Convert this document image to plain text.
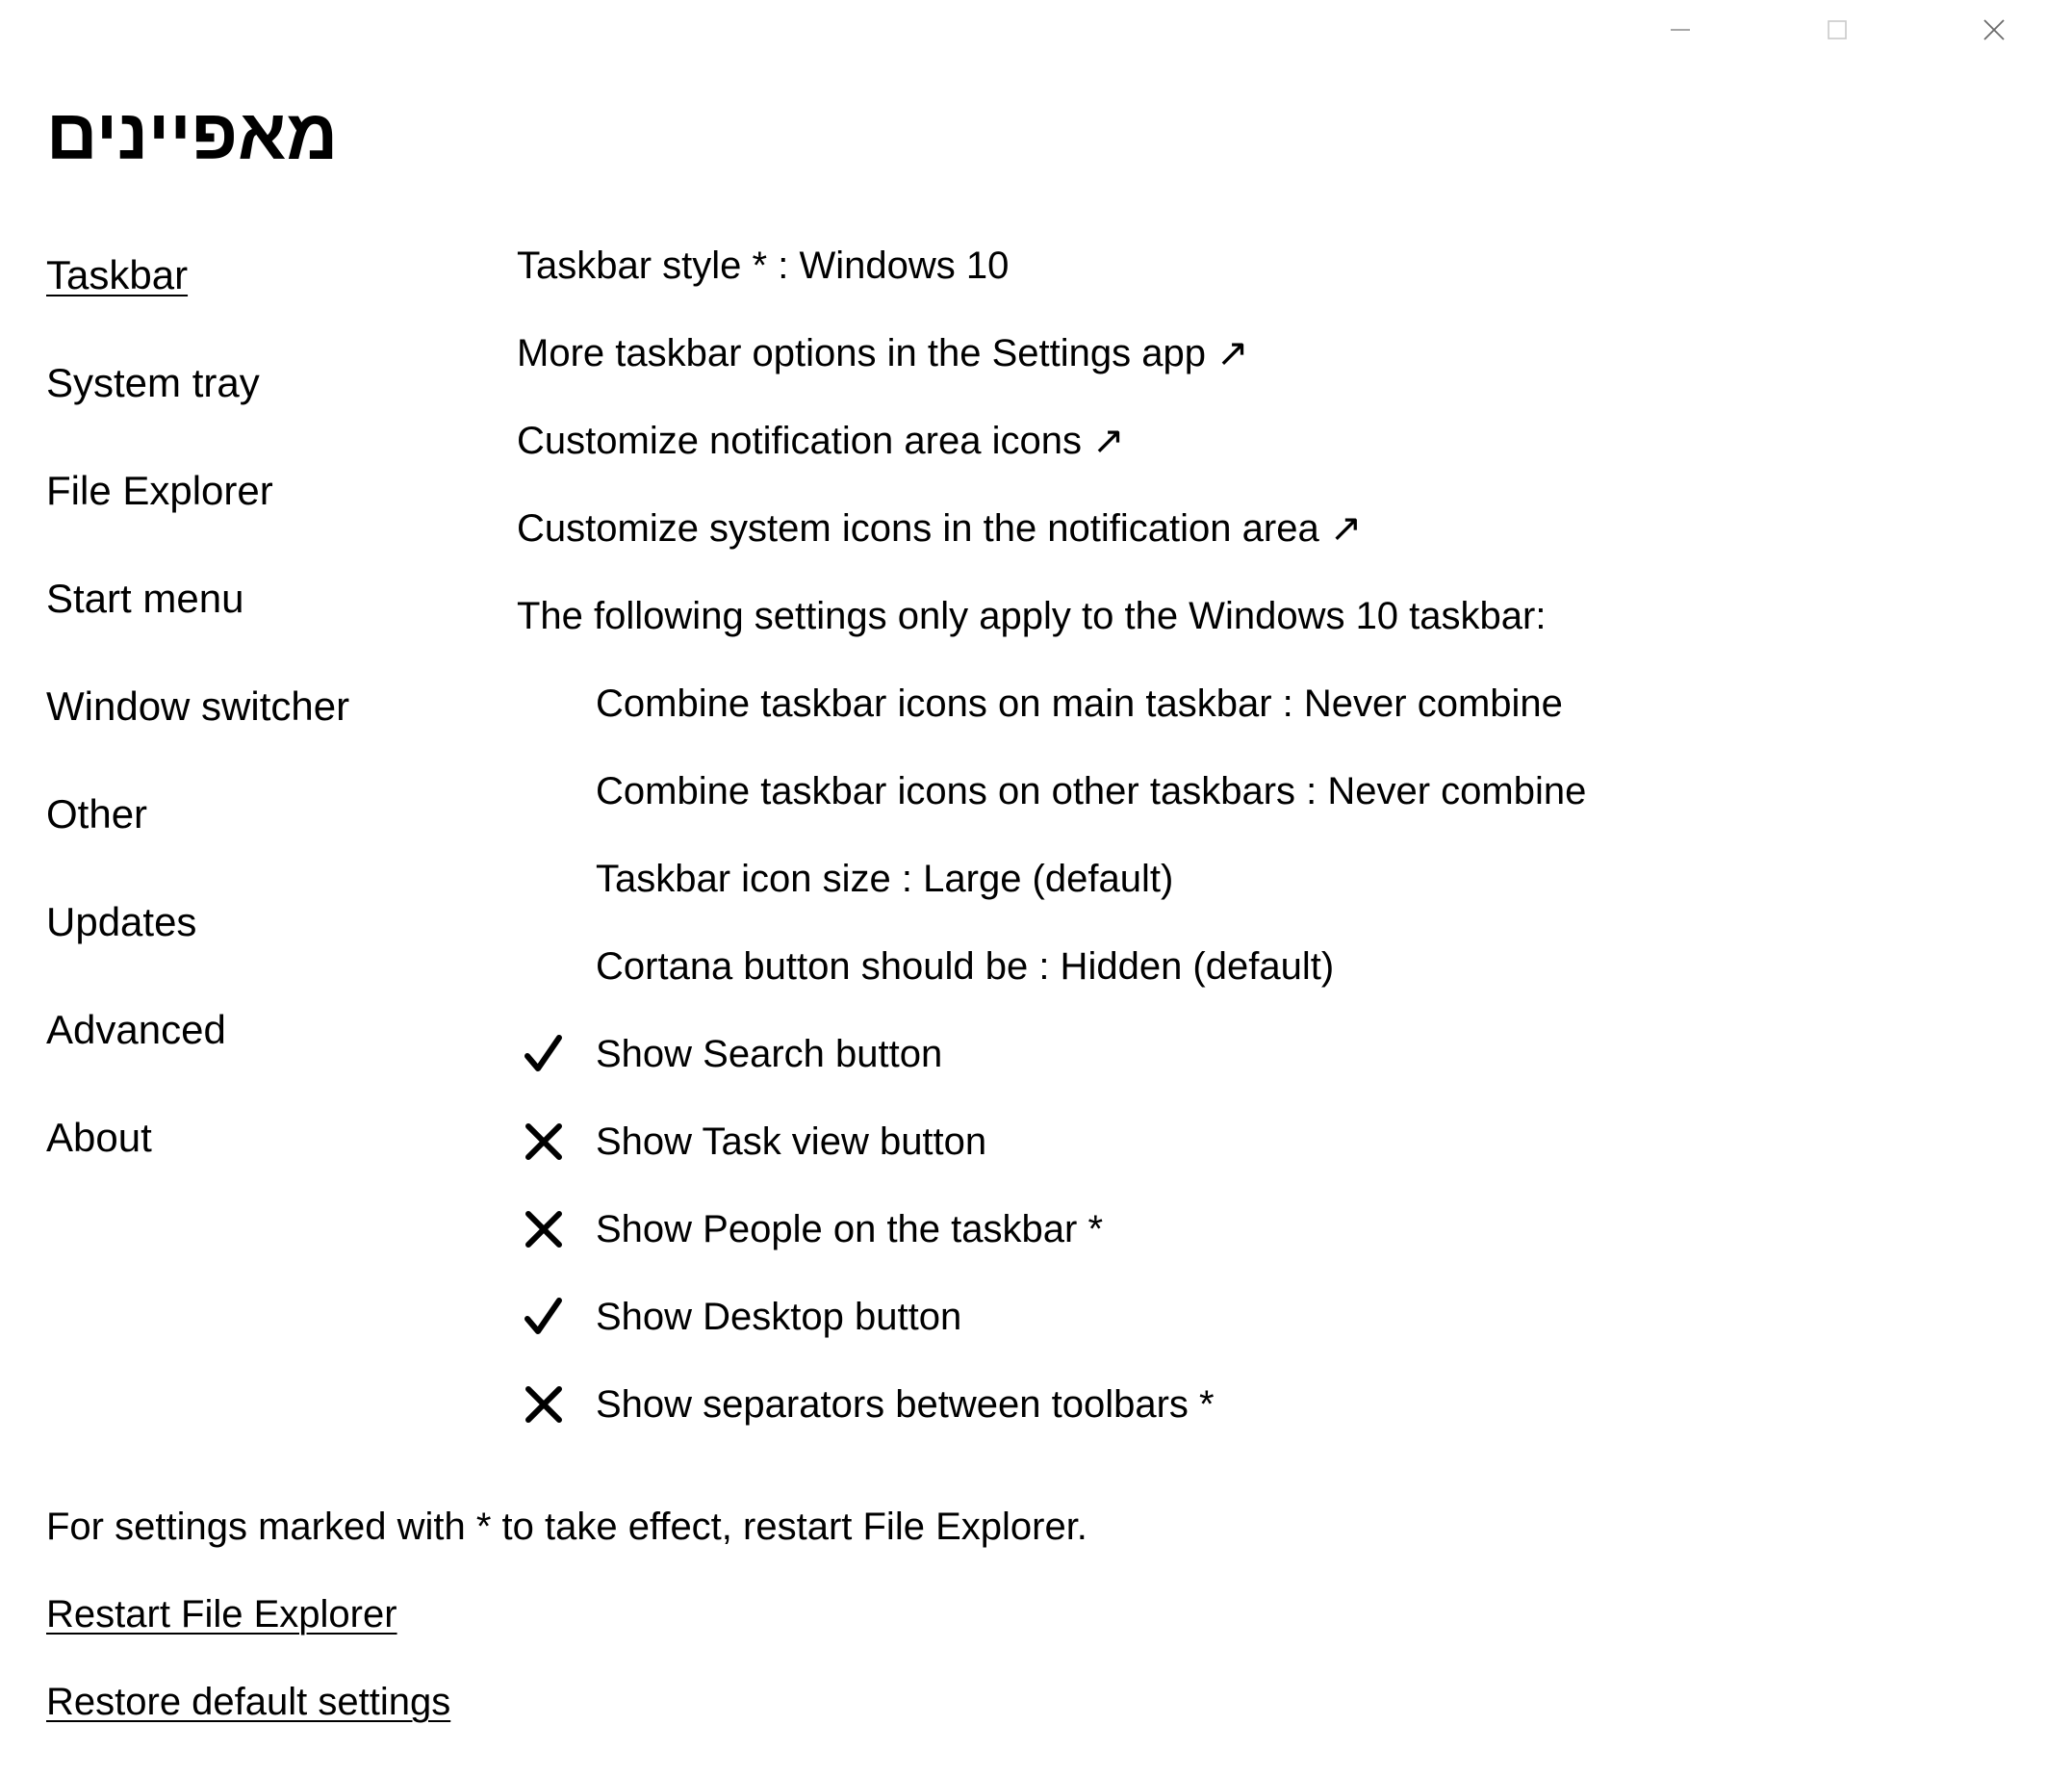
מאפיינים
Taskbar
System tray
File Explorer
Start menu
Window switcher
Other
Updates
Advanced
About
Taskbar style * : Windows 10
More taskbar options in the Settings app ↗
Customize notification area icons ↗
Customize system icons in the notification area ↗
The following settings only apply to the Windows 10 taskbar:
Combine taskbar icons on main taskbar : Never combine
Combine taskbar icons on other taskbars : Never combine
Taskbar icon size : Large (default)
Cortana button should be : Hidden (default)
Show Search button
Show Task view button
Show People on the taskbar *
Show Desktop button
Show separators between toolbars *
For settings marked with * to take effect, restart File Explorer.
Restart File Explorer
Restore default settings
